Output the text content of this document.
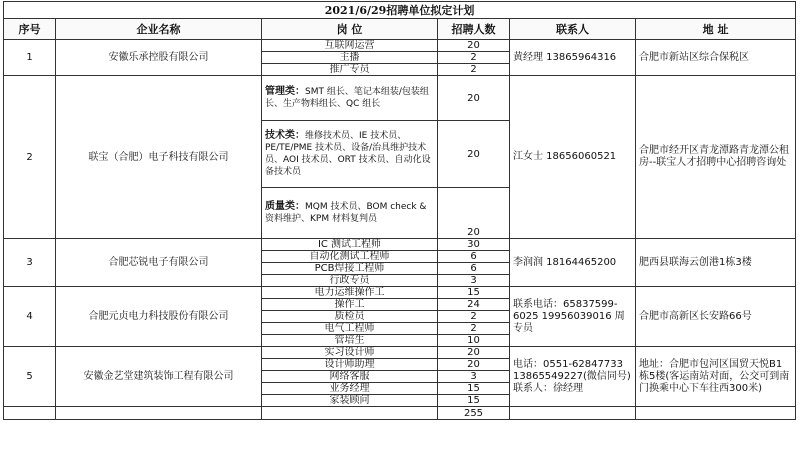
2021/6/29招聘单位拟定计划					
序号	企业名称	岗 位	招聘人数	联系人	地 址
1	安徽乐承控股有限公司	互联网运营	20	黄经理 13865964316	合肥市新站区综合保税区
		主播	2		
		推广专员	2		
2	联宝（合肥）电子科技有限公司	管理类：SMT 组长、笔记本组装/包装组长、生产物料组长、QC 组长	20	江女士 18656060521	合肥市经开区青龙潭路青龙潭公租房--联宝人才招聘中心招聘咨询处
		技术类：维修技术员、IE 技术员、PE/TE/PME 技术员、设备/治具维护技术员、AOI 技术员、ORT 技术员、自动化设备技术员	20		
		质量类：MQM 技术员、BOM check &资料维护、KPM 材料复判员	20		
3	合肥芯锐电子有限公司	IC 测试工程师	30	李润润 18164465200	肥西县联海云创港1栋3楼
		自动化测试工程师	6		
		PCB焊接工程师	6		
		行政专员	3		
4	合肥元贞电力科技股份有限公司	电力运维操作工	15	联系电话：65837599-6025 19956039016 周专员	合肥市高新区长安路66号
		操作工	24		
		质检员	2		
		电气工程师	2		
		管培生	10		
5	安徽金艺堂建筑装饰工程有限公司	实习设计师	20	电话：0551-62847733 13865549227(微信同号) 联系人：徐经理	地址：合肥市包河区国贸天悦B1栋5楼(客运南站对面，公交可到南门换乘中心下车往西300米)
		设计师助理	20		
		网络客服	3		
		业务经理	15		
		家装顾问	15		
			255		
